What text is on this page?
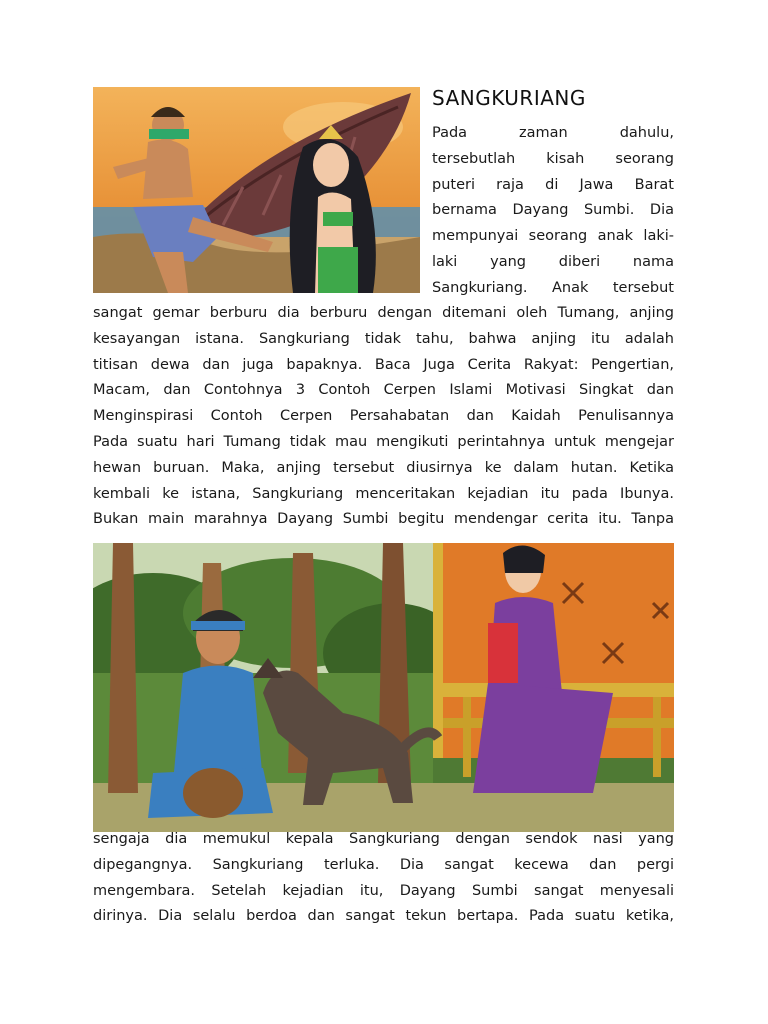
SANGKURIANG
Pada zaman dahulu,
tersebutlah kisah seorang
puteri raja di Jawa Barat
bernama Dayang Sumbi. Dia
mempunyai seorang anak laki-
laki yang diberi nama
Sangkuriang. Anak tersebut
sangat gemar berburu dia berburu dengan ditemani oleh Tumang, anjing
kesayangan istana. Sangkuriang tidak tahu, bahwa anjing itu adalah
titisan dewa dan juga bapaknya. Baca Juga Cerita Rakyat: Pengertian,
Macam, dan Contohnya 3 Contoh Cerpen Islami Motivasi Singkat dan
Menginspirasi Contoh Cerpen Persahabatan dan Kaidah Penulisannya
Pada suatu hari Tumang tidak mau mengikuti perintahnya untuk mengejar
hewan buruan. Maka, anjing tersebut diusirnya ke dalam hutan. Ketika
kembali ke istana, Sangkuriang menceritakan kejadian itu pada Ibunya.
Bukan main marahnya Dayang Sumbi begitu mendengar cerita itu. Tanpa
sengaja dia memukul kepala Sangkuriang dengan sendok nasi yang
dipegangnya. Sangkuriang terluka. Dia sangat kecewa dan pergi
mengembara. Setelah kejadian itu, Dayang Sumbi sangat menyesali
dirinya. Dia selalu berdoa dan sangat tekun bertapa. Pada suatu ketika,
